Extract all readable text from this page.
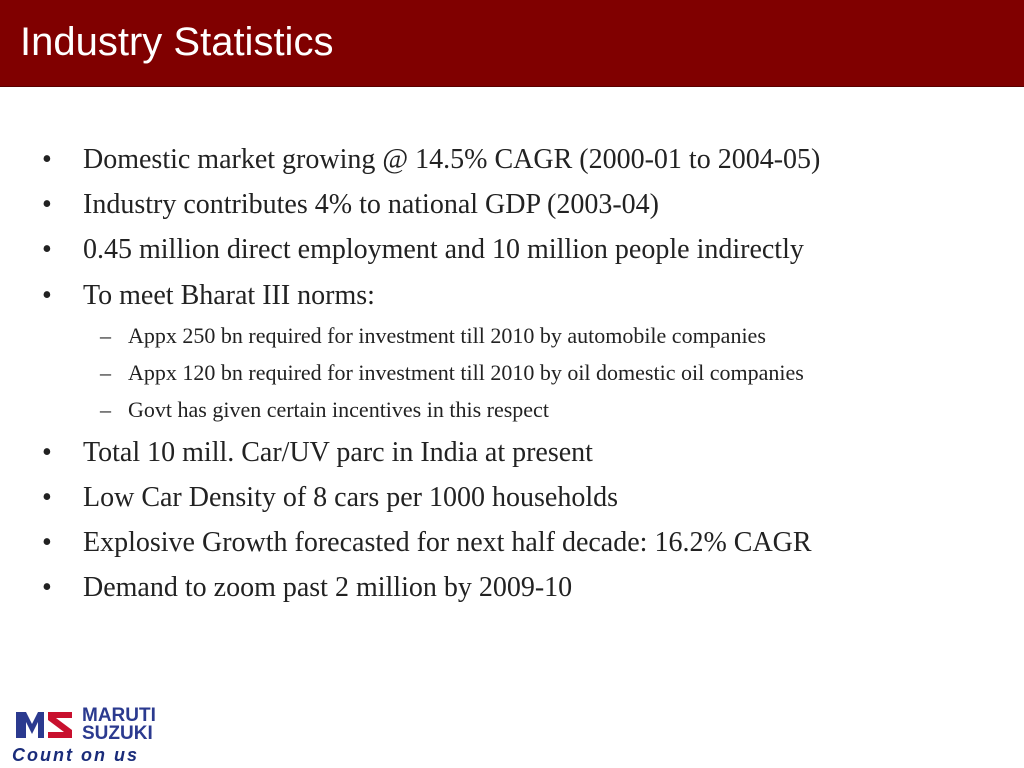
Industry Statistics
• Domestic market growing @ 14.5% CAGR (2000-01 to 2004-05)
• Industry contributes 4% to national GDP (2003-04)
• 0.45 million direct employment and 10 million people indirectly
• To meet Bharat III norms:
– Appx 250 bn required for investment till 2010 by automobile companies
– Appx 120 bn required for investment till 2010 by oil domestic oil companies
– Govt has given certain incentives in this respect
• Total 10 mill. Car/UV parc in India at present
• Low Car Density of 8 cars per 1000 households
• Explosive Growth forecasted for next half decade: 16.2% CAGR
• Demand to zoom past 2 million by 2009-10
MARUTI
SUZUKI
Count on us
